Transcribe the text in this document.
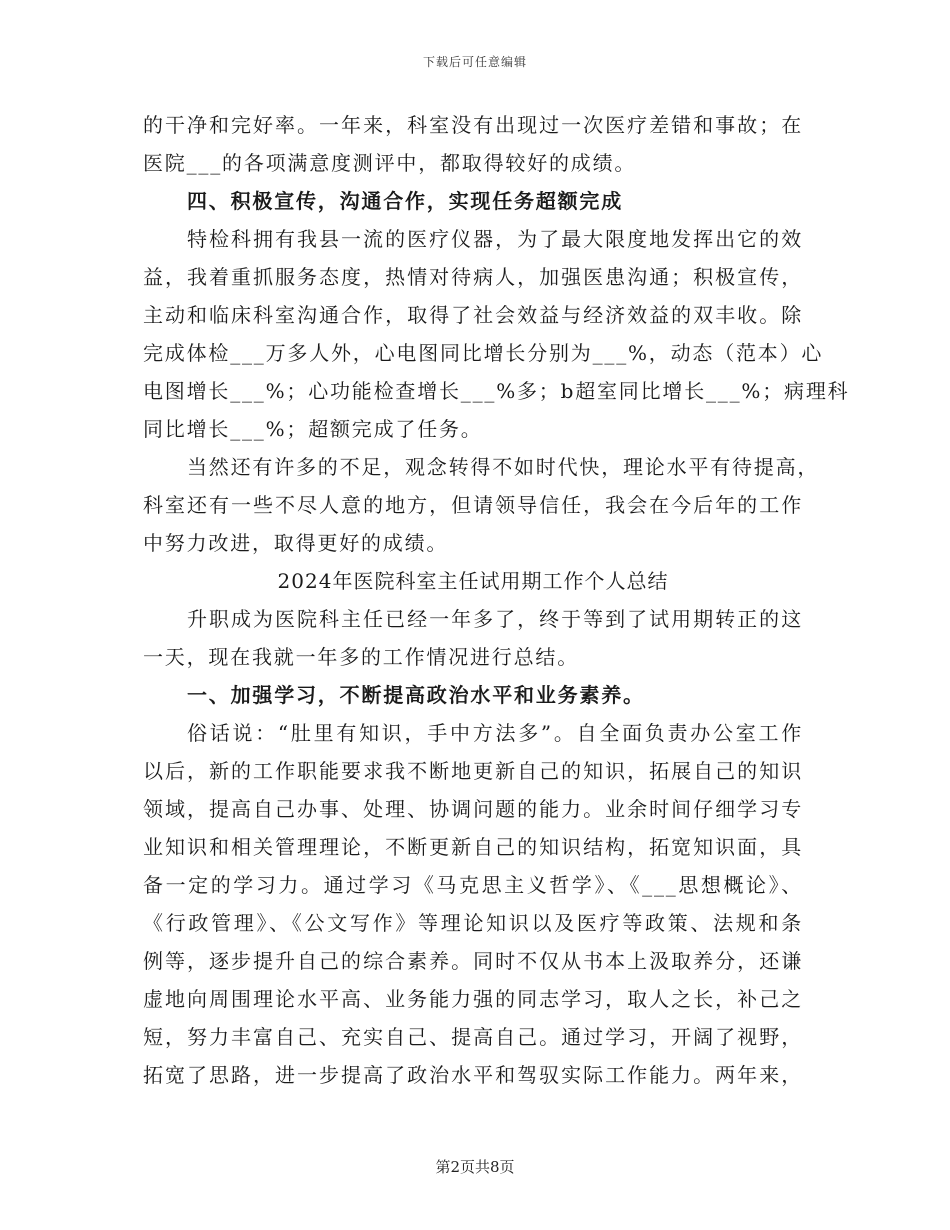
下载后可任意编辑
的干净和完好率。一年来，科室没有出现过一次医疗差错和事故；在
医院___的各项满意度测评中，都取得较好的成绩。
四、积极宣传，沟通合作，实现任务超额完成
特检科拥有我县一流的医疗仪器，为了最大限度地发挥出它的效
益，我着重抓服务态度，热情对待病人，加强医患沟通；积极宣传，
主动和临床科室沟通合作，取得了社会效益与经济效益的双丰收。除
完成体检___万多人外，心电图同比增长分别为___%，动态（范本）心
电图增长___%；心功能检查增长___%多；b超室同比增长___%；病理科
同比增长___%；超额完成了任务。
当然还有许多的不足，观念转得不如时代快，理论水平有待提高，
科室还有一些不尽人意的地方，但请领导信任，我会在今后年的工作
中努力改进，取得更好的成绩。
2024年医院科室主任试用期工作个人总结
升职成为医院科主任已经一年多了，终于等到了试用期转正的这
一天，现在我就一年多的工作情况进行总结。
一、加强学习，不断提高政治水平和业务素养。
俗话说：“肚里有知识，手中方法多”。自全面负责办公室工作
以后，新的工作职能要求我不断地更新自己的知识，拓展自己的知识
领域，提高自己办事、处理、协调问题的能力。业余时间仔细学习专
业知识和相关管理理论，不断更新自己的知识结构，拓宽知识面，具
备一定的学习力。通过学习《马克思主义哲学》、《___思想概论》、
《行政管理》、《公文写作》等理论知识以及医疗等政策、法规和条
例等，逐步提升自己的综合素养。同时不仅从书本上汲取养分，还谦
虚地向周围理论水平高、业务能力强的同志学习，取人之长，补己之
短，努力丰富自己、充实自己、提高自己。通过学习，开阔了视野，
拓宽了思路，进一步提高了政治水平和驾驭实际工作能力。两年来，
第2页共8页
